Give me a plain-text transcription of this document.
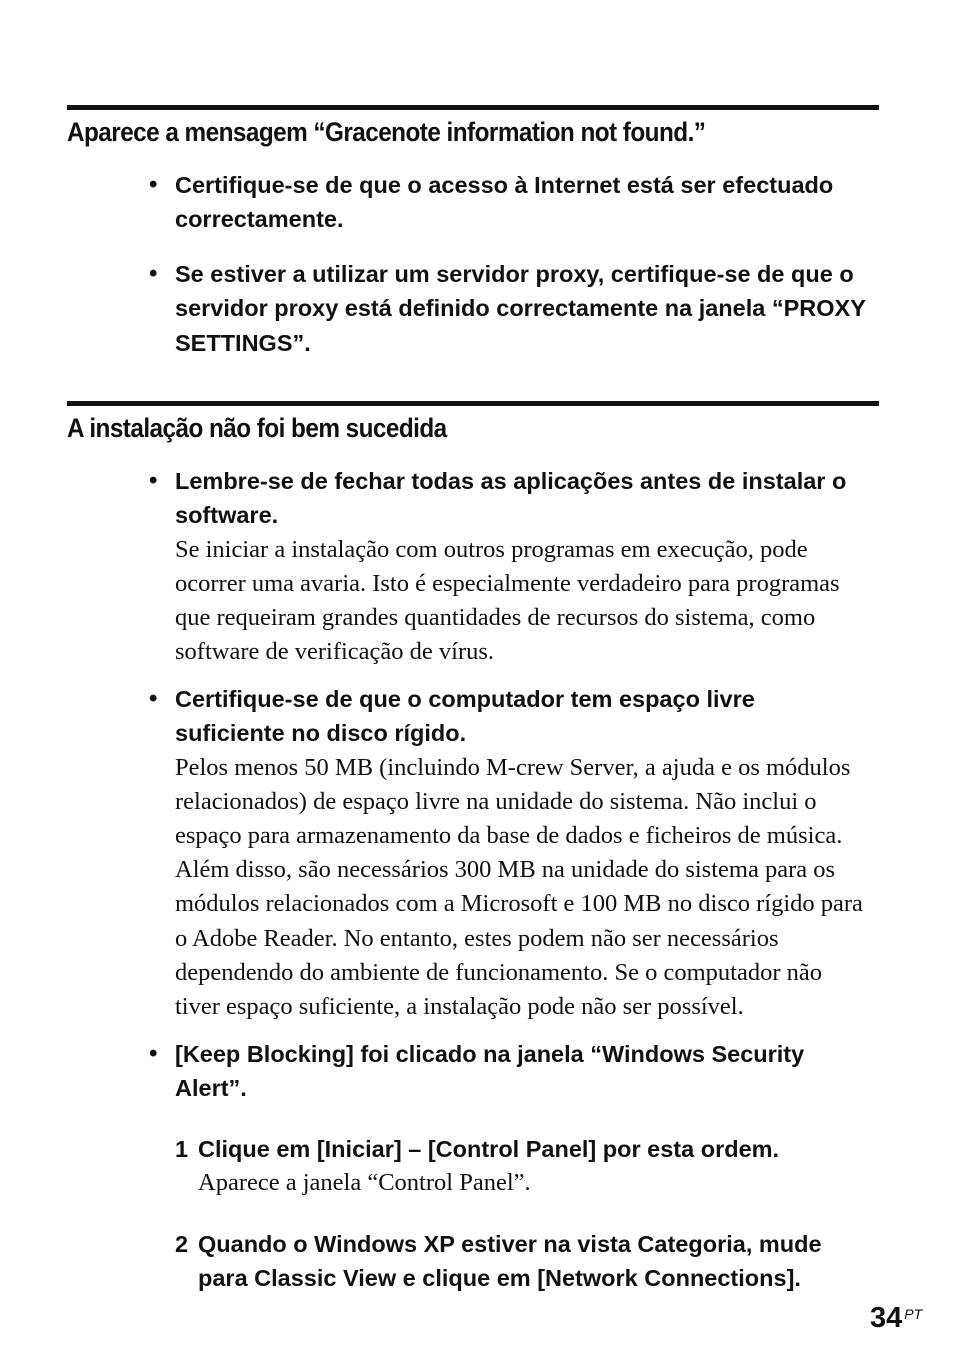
Aparece a mensagem “Gracenote information not found.”
• Certifique-se de que o acesso à Internet está ser efectuado correctamente.
• Se estiver a utilizar um servidor proxy, certifique-se de que o servidor proxy está definido correctamente na janela “PROXY SETTINGS”.
A instalação não foi bem sucedida
• Lembre-se de fechar todas as aplicações antes de instalar o software.
Se iniciar a instalação com outros programas em execução, pode ocorrer uma avaria. Isto é especialmente verdadeiro para programas que requeiram grandes quantidades de recursos do sistema, como software de verificação de vírus.
• Certifique-se de que o computador tem espaço livre suficiente no disco rígido.
Pelos menos 50 MB (incluindo M-crew Server, a ajuda e os módulos relacionados) de espaço livre na unidade do sistema. Não inclui o espaço para armazenamento da base de dados e ficheiros de música. Além disso, são necessários 300 MB na unidade do sistema para os módulos relacionados com a Microsoft e 100 MB no disco rígido para o Adobe Reader. No entanto, estes podem não ser necessários dependendo do ambiente de funcionamento. Se o computador não tiver espaço suficiente, a instalação pode não ser possível.
• [Keep Blocking] foi clicado na janela “Windows Security Alert”.
1 Clique em [Iniciar] – [Control Panel] por esta ordem.
Aparece a janela “Control Panel”.
2 Quando o Windows XP estiver na vista Categoria, mude para Classic View e clique em [Network Connections].
34 PT
